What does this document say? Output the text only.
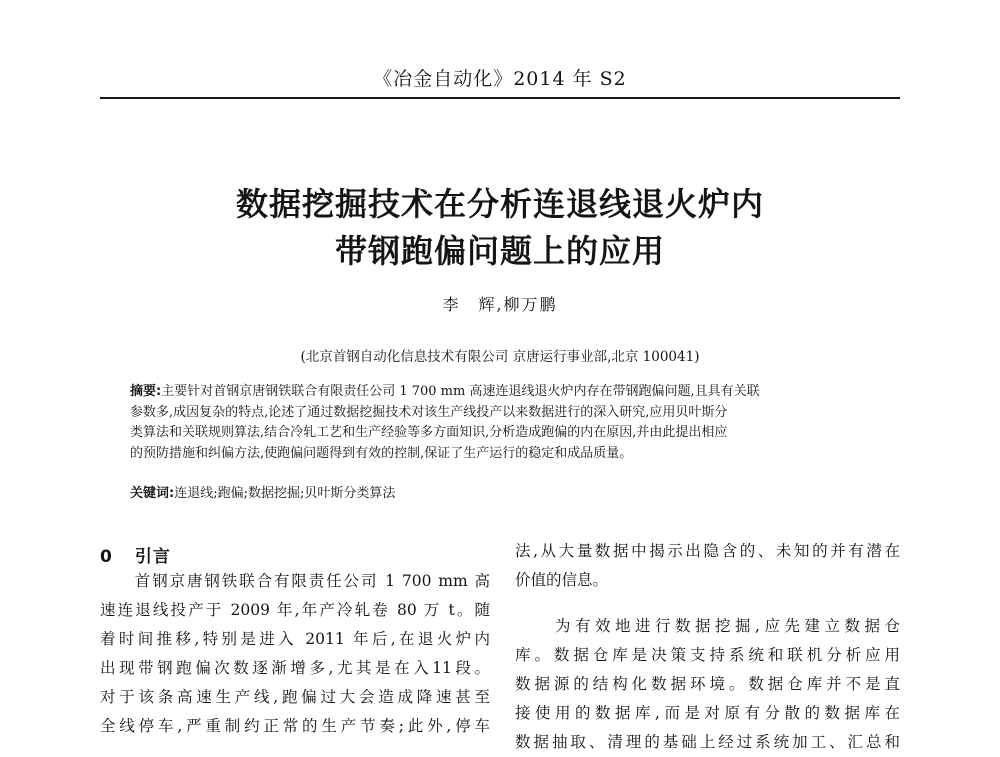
《冶金自动化》2014 年 S2
数据挖掘技术在分析连退线退火炉内
带钢跑偏问题上的应用
李　辉,柳万鹏
(北京首钢自动化信息技术有限公司 京唐运行事业部,北京 100041)
摘要:主要针对首钢京唐钢铁联合有限责任公司 1 700 mm 高速连退线退火炉内存在带钢跑偏问题,且具有关联
参数多,成因复杂的特点,论述了通过数据挖掘技术对该生产线投产以来数据进行的深入研究,应用贝叶斯分
类算法和关联规则算法,结合冷轧工艺和生产经验等多方面知识,分析造成跑偏的内在原因,并由此提出相应
的预防措施和纠偏方法,使跑偏问题得到有效的控制,保证了生产运行的稳定和成品质量。
关键词:连退线;跑偏;数据挖掘;贝叶斯分类算法
0 引言
　　首钢京唐钢铁联合有限责任公司 1 700 mm 高
速连退线投产于 2009 年,年产冷轧卷 80 万 t。随
着时间推移,特别是进入 2011 年后,在退火炉内
出现带钢跑偏次数逐渐增多,尤其是在入11段。
对于该条高速生产线,跑偏过大会造成降速甚至
全线停车,严重制约正常的生产节奏;此外,停车
法,从大量数据中揭示出隐含的、未知的并有潜在
价值的信息。
　　为有效地进行数据挖掘,应先建立数据仓
库。数据仓库是决策支持系统和联机分析应用
数据源的结构化数据环境。数据仓库并不是直
接使用的数据库,而是对原有分散的数据库在
数据抽取、清理的基础上经过系统加工、汇总和
